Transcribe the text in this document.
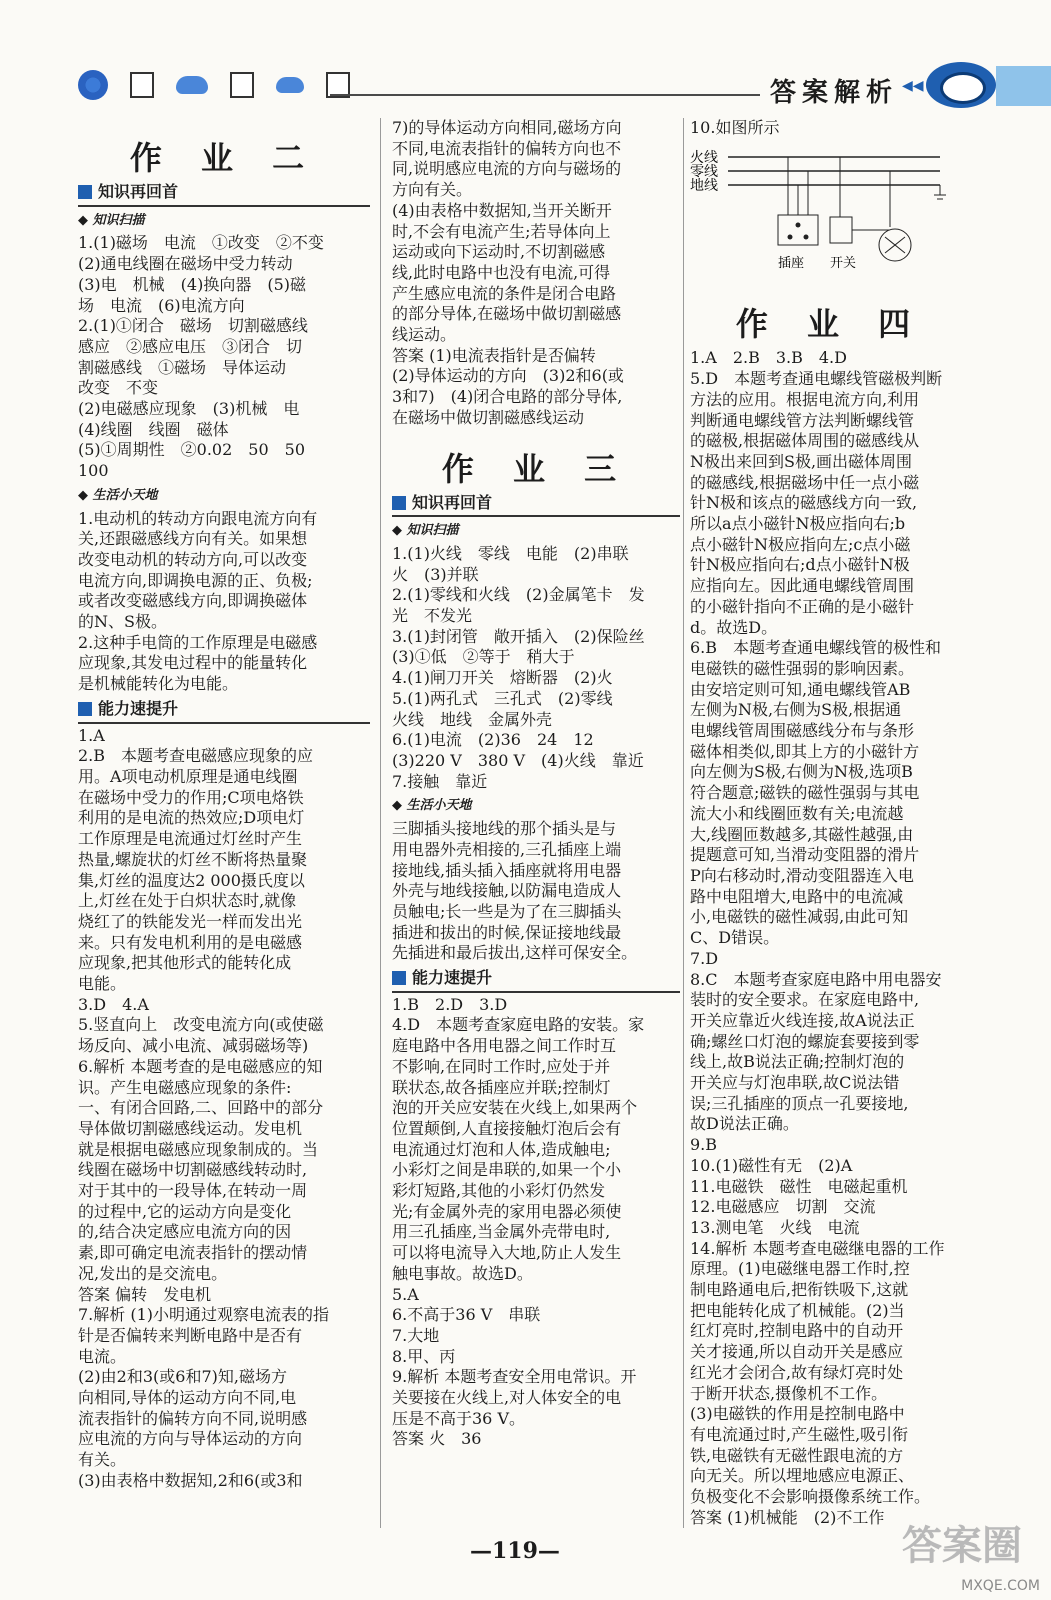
答案解析 ◀◀
作 业 二
知识再回首
◆ 知识扫描

1.(1)磁场　电流　①改变　②不变

(2)通电线圈在磁场中受力转动

(3)电　机械　(4)换向器　(5)磁

场　电流　(6)电流方向

2.(1)①闭合　磁场　切割磁感线

感应　②感应电压　③闭合　切

割磁感线　①磁场　导体运动

改变　不变

(2)电磁感应现象　(3)机械　电

(4)线圈　线圈　磁体

(5)①周期性　②0.02　50　50

100

◆ 生活小天地

1.电动机的转动方向跟电流方向有

关,还跟磁感线方向有关。如果想

改变电动机的转动方向,可以改变

电流方向,即调换电源的正、负极;

或者改变磁感线方向,即调换磁体

的N、S极。

2.这种手电筒的工作原理是电磁感

应现象,其发电过程中的能量转化

是机械能转化为电能。

能力速提升

1.A

2.B　本题考查电磁感应现象的应

用。A项电动机原理是通电线圈

在磁场中受力的作用;C项电烙铁

利用的是电流的热效应;D项电灯

工作原理是电流通过灯丝时产生

热量,螺旋状的灯丝不断将热量聚

集,灯丝的温度达2 000摄氏度以

上,灯丝在处于白炽状态时,就像

烧红了的铁能发光一样而发出光

来。只有发电机利用的是电磁感

应现象,把其他形式的能转化成

电能。

3.D　4.A

5.竖直向上　改变电流方向(或使磁

场反向、减小电流、减弱磁场等)

6.解析 本题考查的是电磁感应的知

识。产生电磁感应现象的条件:

一、有闭合回路,二、回路中的部分

导体做切割磁感线运动。发电机

就是根据电磁感应现象制成的。当

线圈在磁场中切割磁感线转动时,

对于其中的一段导体,在转动一周

的过程中,它的运动方向是变化

的,结合决定感应电流方向的因

素,即可确定电流表指针的摆动情

况,发出的是交流电。

答案 偏转　发电机

7.解析 (1)小明通过观察电流表的指

针是否偏转来判断电路中是否有

电流。

(2)由2和3(或6和7)知,磁场方

向相同,导体的运动方向不同,电

流表指针的偏转方向不同,说明感

应电流的方向与导体运动的方向

有关。

(3)由表格中数据知,2和6(或3和

7)的导体运动方向相同,磁场方向

不同,电流表指针的偏转方向也不

同,说明感应电流的方向与磁场的

方向有关。

(4)由表格中数据知,当开关断开

时,不会有电流产生;若导体向上

运动或向下运动时,不切割磁感

线,此时电路中也没有电流,可得

产生感应电流的条件是闭合电路

的部分导体,在磁场中做切割磁感

线运动。

答案 (1)电流表指针是否偏转

(2)导体运动的方向　(3)2和6(或

3和7)　(4)闭合电路的部分导体,

在磁场中做切割磁感线运动

作 业 三
知识再回首
◆ 知识扫描

1.(1)火线　零线　电能　(2)串联

火　(3)并联

2.(1)零线和火线　(2)金属笔卡　发

光　不发光

3.(1)封闭管　敞开插入　(2)保险丝

(3)①低　②等于　稍大于

4.(1)闸刀开关　熔断器　(2)火

5.(1)两孔式　三孔式　(2)零线

火线　地线　金属外壳

6.(1)电流　(2)36　24　12

(3)220 V　380 V　(4)火线　靠近

7.接触　靠近

◆ 生活小天地

三脚插头接地线的那个插头是与

用电器外壳相接的,三孔插座上端

接地线,插头插入插座就将用电器

外壳与地线接触,以防漏电造成人

员触电;长一些是为了在三脚插头

插进和拔出的时候,保证接地线最

先插进和最后拔出,这样可保安全。

能力速提升

1.B　2.D　3.D

4.D　本题考查家庭电路的安装。家

庭电路中各用电器之间工作时互

不影响,在同时工作时,应处于并

联状态,故各插座应并联;控制灯

泡的开关应安装在火线上,如果两个

位置颠倒,人直接接触灯泡后会有

电流通过灯泡和人体,造成触电;

小彩灯之间是串联的,如果一个小

彩灯短路,其他的小彩灯仍然发

光;有金属外壳的家用电器必须使

用三孔插座,当金属外壳带电时,

可以将电流导入大地,防止人发生

触电事故。故选D。

5.A

6.不高于36 V　串联

7.大地

8.甲、丙

9.解析 本题考查安全用电常识。开

关要接在火线上,对人体安全的电

压是不高于36 V。

答案 火　36

10.如图所示

火线
零线
地线
插座 开关
作 业 四

1.A　2.B　3.B　4.D

5.D　本题考查通电螺线管磁极判断

方法的应用。根据电流方向,利用

判断通电螺线管方法判断螺线管

的磁极,根据磁体周围的磁感线从

N极出来回到S极,画出磁体周围

的磁感线,根据磁场中任一点小磁

针N极和该点的磁感线方向一致,

所以a点小磁针N极应指向右;b

点小磁针N极应指向左;c点小磁

针N极应指向右;d点小磁针N极

应指向左。因此通电螺线管周围

的小磁针指向不正确的是小磁针

d。故选D。

6.B　本题考查通电螺线管的极性和

电磁铁的磁性强弱的影响因素。

由安培定则可知,通电螺线管AB

左侧为N极,右侧为S极,根据通

电螺线管周围磁感线分布与条形

磁体相类似,即其上方的小磁针方

向左侧为S极,右侧为N极,选项B

符合题意;磁铁的磁性强弱与其电

流大小和线圈匝数有关;电流越

大,线圈匝数越多,其磁性越强,由

提题意可知,当滑动变阻器的滑片

P向右移动时,滑动变阻器连入电

路中电阻增大,电路中的电流减

小,电磁铁的磁性减弱,由此可知

C、D错误。

7.D

8.C　本题考查家庭电路中用电器安

装时的安全要求。在家庭电路中,

开关应靠近火线连接,故A说法正

确;螺丝口灯泡的螺旋套要接到零

线上,故B说法正确;控制灯泡的

开关应与灯泡串联,故C说法错

误;三孔插座的顶点一孔要接地,

故D说法正确。

9.B

10.(1)磁性有无　(2)A

11.电磁铁　磁性　电磁起重机

12.电磁感应　切割　交流

13.测电笔　火线　电流

14.解析 本题考查电磁继电器的工作

原理。(1)电磁继电器工作时,控

制电路通电后,把衔铁吸下,这就

把电能转化成了机械能。(2)当

红灯亮时,控制电路中的自动开

关才接通,所以自动开关是感应

红光才会闭合,故有绿灯亮时处

于断开状态,摄像机不工作。

(3)电磁铁的作用是控制电路中

有电流通过时,产生磁性,吸引衔

铁,电磁铁有无磁性跟电流的方

向无关。所以埋地感应电源正、

负极变化不会影响摄像系统工作。

答案 (1)机械能　(2)不工作

—119—	答案圈
MXQE.COM
